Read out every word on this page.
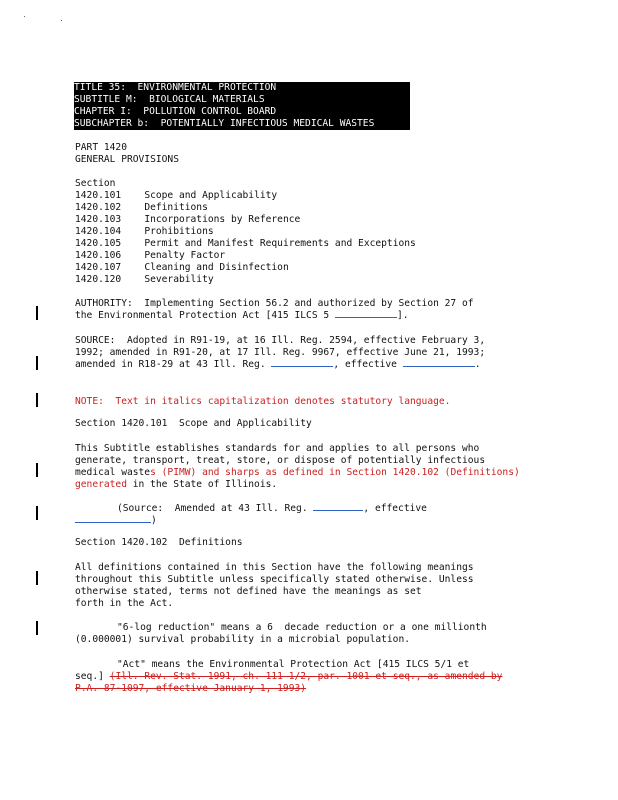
TITLE 35:  ENVIRONMENTAL PROTECTION
SUBTITLE M:  BIOLOGICAL MATERIALS
CHAPTER I:  POLLUTION CONTROL BOARD
SUBCHAPTER b:  POTENTIALLY INFECTIOUS MEDICAL WASTES
PART 1420
GENERAL PROVISIONS
Section
1420.101 Scope and Applicability
1420.102 Definitions
1420.103 Incorporations by Reference
1420.104 Prohibitions
1420.105 Permit and Manifest Requirements and Exceptions
1420.106 Penalty Factor
1420.107 Cleaning and Disinfection
1420.120 Severability
AUTHORITY:  Implementing Section 56.2 and authorized by Section 27 of
the Environmental Protection Act [415 ILCS 5	].
SOURCE:  Adopted in R91-19, at 16 Ill. Reg. 2594, effective February 3,
1992; amended in R91-20, at 17 Ill. Reg. 9967, effective June 21, 1993;
amended in R18-29 at 43 Ill. Reg.	, effective	.
NOTE:  Text in italics capitalization denotes statutory language.
Section 1420.101  Scope and Applicability
This Subtitle establishes standards for and applies to all persons who
generate, transport, treat, store, or dispose of potentially infectious
medical wastes (PIMW) and sharps as defined in Section 1420.102 (Definitions)
generated in the State of Illinois.
(Source:  Amended at 43 Ill. Reg.	, effective
)
Section 1420.102  Definitions
All definitions contained in this Section have the following meanings
throughout this Subtitle unless specifically stated otherwise. Unless
otherwise stated, terms not defined have the meanings as set
forth in the Act.
"6-log reduction" means a 6  decade reduction or a one millionth
(0.000001) survival probability in a microbial population.
"Act" means the Environmental Protection Act [415 ILCS 5/1 et
seq.] (Ill. Rev. Stat. 1991, ch. 111 1/2, par. 1001 et seq., as amended by
P.A. 87-1097, effective January 1, 1993)
